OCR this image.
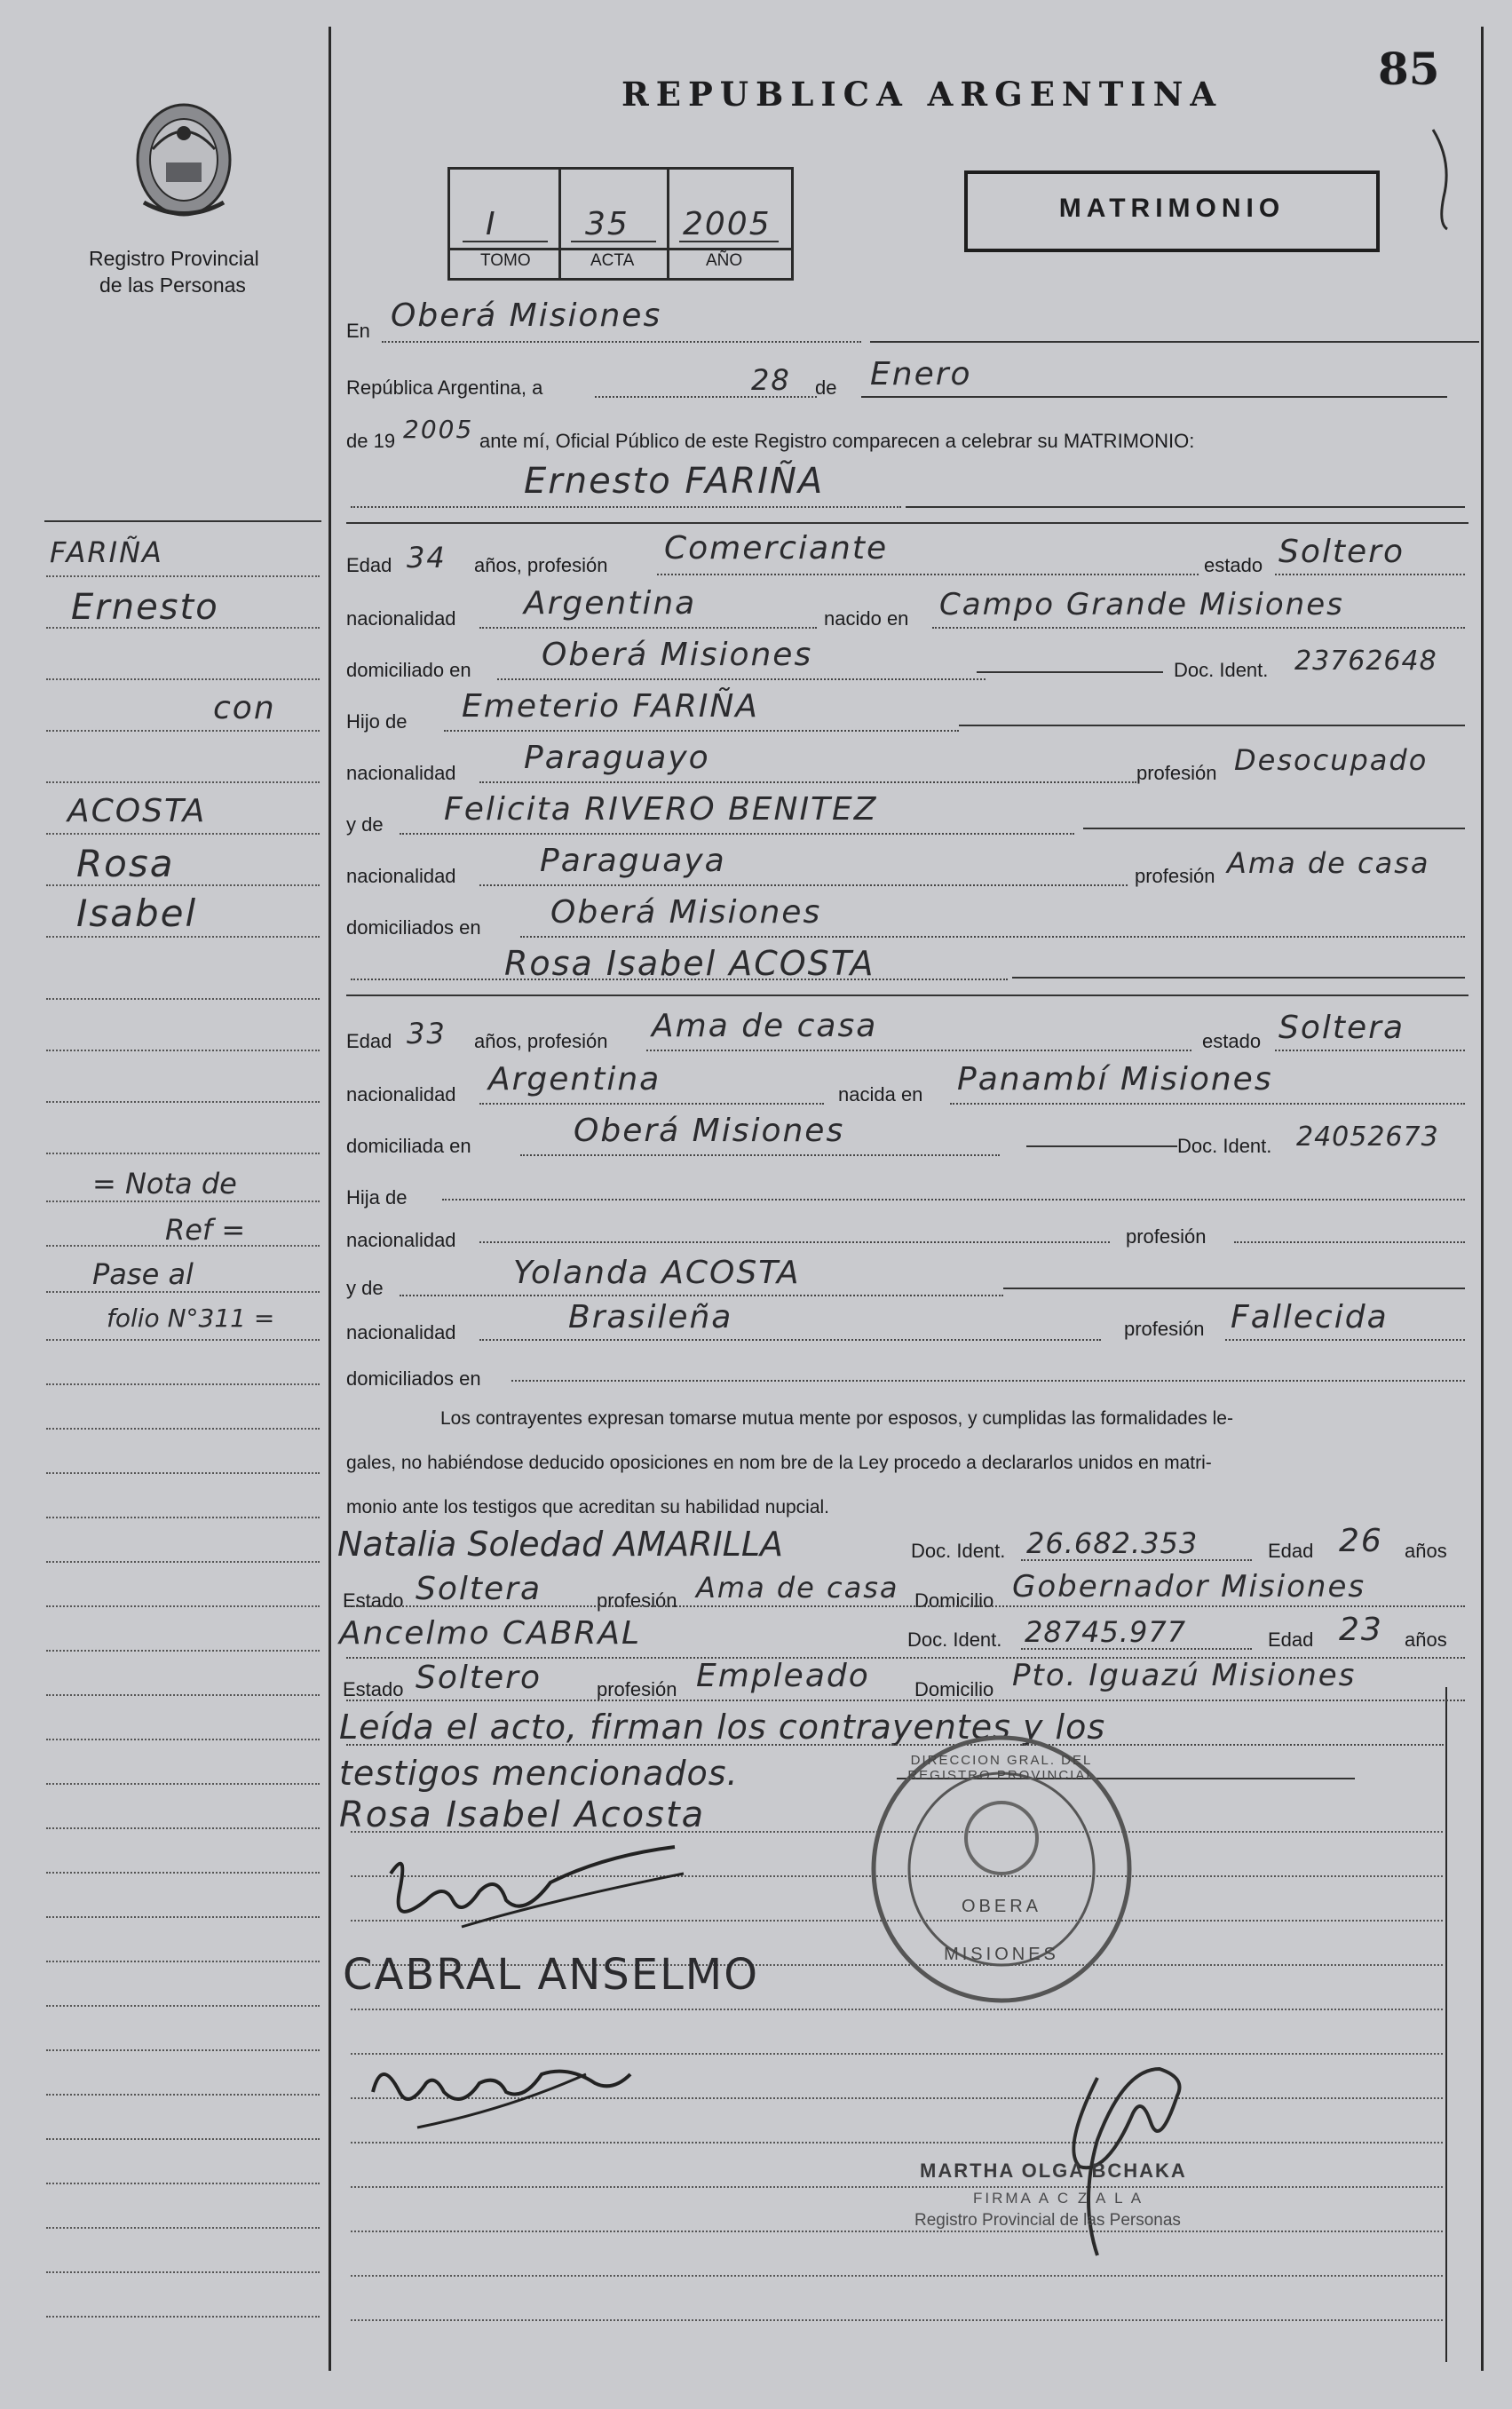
Registro Provincial
de las Personas
REPUBLICA ARGENTINA	85
I	35 2005
TOMO	ACTA	AÑO
MATRIMONIO
En Oberá Misiones
República Argentina, a	28 de Enero
de 19 2005 ante mí, Oficial Público de este Registro comparecen a celebrar su MATRIMONIO:
Ernesto FARIÑA
Edad 34 años, profesión Comerciante	estado Soltero
nacionalidad Argentina	nacido en Campo Grande Misiones
domiciliado en Oberá Misiones	Doc. Ident. 23762648
Hijo de Emeterio FARIÑA
nacionalidad Paraguayo	profesión Desocupado
y de Felicita RIVERO BENITEZ
nacionalidad	Paraguaya	profesión Ama de casa
domiciliados en Oberá Misiones
Rosa Isabel ACOSTA
Edad 33 años, profesión Ama de casa	estado Soltera
nacionalidad Argentina	nacida en Panambí Misiones
domiciliada en	Oberá Misiones	Doc. Ident. 24052673
Hija de
nacionalidad	profesión
y de	Yolanda ACOSTA
nacionalidad	Brasileña	profesión Fallecida
domiciliados en
Los contrayentes expresan tomarse mutua mente por esposos, y cumplidas las formalidades le-
gales, no habiéndose deducido oposiciones en nom bre de la Ley procedo a declararlos unidos en matri-
monio ante los testigos que acreditan su habilidad nupcial.
Natalia Soledad AMARILLA	Doc. Ident. 26.682.353	Edad 26 años
Estado Soltera	profesión Ama de casa Domicilio Gobernador Misiones
Ancelmo CABRAL	Doc. Ident. 28745.977	Edad 23 años
Estado Soltero	profesión Empleado Domicilio Pto. Iguazú Misiones
Leída el acto, firman los contrayentes y los
testigos mencionados.
Rosa Isabel Acosta
CABRAL ANSELMO
DIRECCION GRAL. DEL REGISTRO PROVINCIAL
OBERA
MISIONES
MARTHA OLGA BCHAKA
FIRMA A C Z A L A
Registro Provincial de las Personas
FARIÑA
Ernesto
con
ACOSTA
Rosa
Isabel
= Nota de
Ref =
Pase al
folio N°311 =
